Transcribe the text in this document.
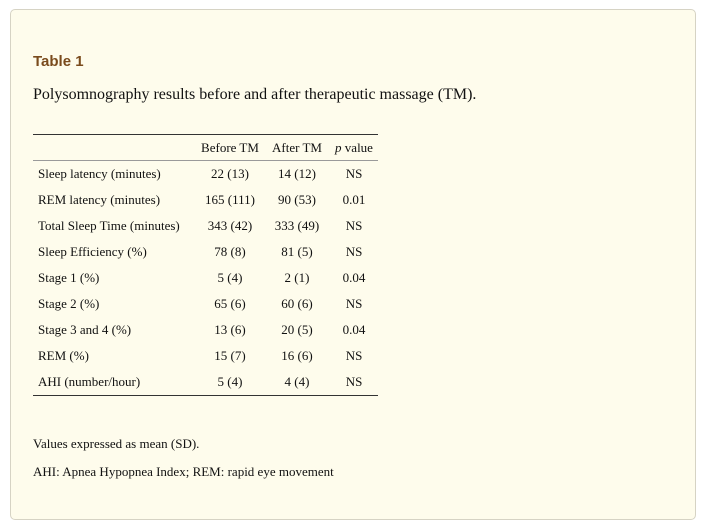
Table 1
Polysomnography results before and after therapeutic massage (TM).
	Before TM	After TM	p value
Sleep latency (minutes)	22 (13)	14 (12)	NS
REM latency (minutes)	165 (111)	90 (53)	0.01
Total Sleep Time (minutes)	343 (42)	333 (49)	NS
Sleep Efficiency (%)	78 (8)	81 (5)	NS
Stage 1 (%)	5 (4)	2 (1)	0.04
Stage 2 (%)	65 (6)	60 (6)	NS
Stage 3 and 4 (%)	13 (6)	20 (5)	0.04
REM (%)	15 (7)	16 (6)	NS
AHI (number/hour)	5 (4)	4 (4)	NS
Values expressed as mean (SD).
AHI: Apnea Hypopnea Index; REM: rapid eye movement
